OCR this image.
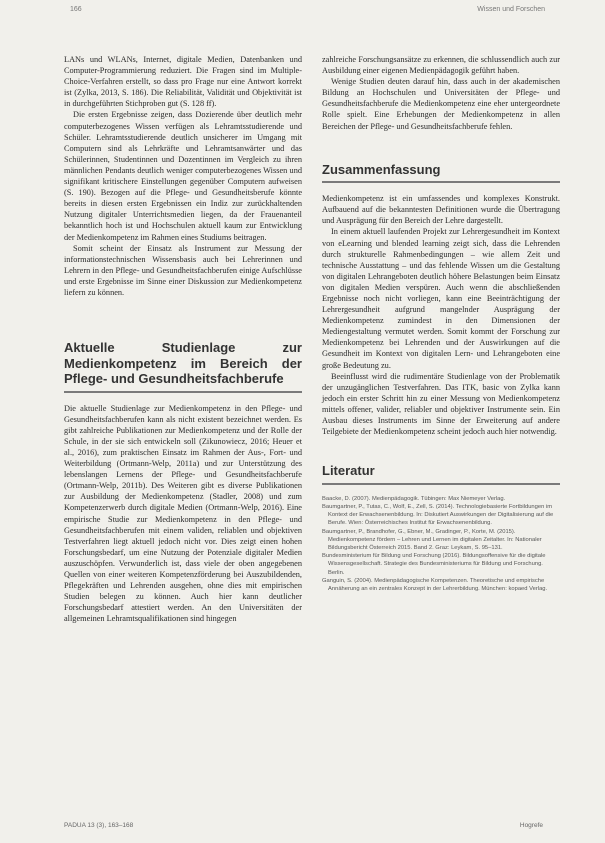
166	Wissen und Forschen

LANs und WLANs, Internet, digitale Medien, Datenbanken und Computer-Programmierung reduziert. Die Fragen sind im Multiple-Choice-Verfahren erstellt, so dass pro Frage nur eine Antwort korrekt ist (Zylka, 2013, S. 186). Die Reliabilität, Validität und Objektivität ist in durchgeführten Stichproben gut (S. 128 ff).

Die ersten Ergebnisse zeigen, dass Dozierende über deutlich mehr computerbezogenes Wissen verfügen als Lehramtsstudierende und Schüler. Lehramtsstudierende deutlich unsicherer im Umgang mit Computern sind als Lehrkräfte und Lehramtsanwärter und das Schülerinnen, Studentinnen und Dozentinnen im Vergleich zu ihren männlichen Pendants deutlich weniger computerbezogenes Wissen und signifikant kritischere Einstellungen gegenüber Computern aufweisen (S. 190). Bezogen auf die Pflege- und Gesundheitsberufe könnte bereits in diesen ersten Ergebnissen ein Indiz zur zurückhaltenden Nutzung digitaler Unterrichtsmedien liegen, da der Frauenanteil bekanntlich hoch ist und Hochschulen aktuell kaum zur Entwicklung der Medienkompetenz im Rahmen eines Studiums beitragen.

Somit scheint der Einsatz als Instrument zur Messung der informationstechnischen Wissensbasis auch bei Lehrerinnen und Lehrern in den Pflege- und Gesundheitsfachberufen einige Aufschlüsse und erste Ergebnisse im Sinne einer Diskussion zur Medienkompetenz liefern zu können.

Aktuelle Studienlage zur Medienkompetenz im Bereich der Pflege- und Gesundheitsfachberufe

Die aktuelle Studienlage zur Medienkompetenz in den Pflege- und Gesundheitsfachberufen kann als nicht existent bezeichnet werden. Es gibt zahlreiche Publikationen zur Medienkompetenz und der Rolle der Schule, in der sie sich entwickeln soll (Zikunowiecz, 2016; Heuer et al., 2016), zum praktischen Einsatz im Rahmen der Aus-, Fort- und Weiterbildung (Ortmann-Welp, 2011a) und zur Unterstützung des lebenslangen Lernens der Pflege- und Gesundheitsfachberufe (Ortmann-Welp, 2011b). Des Weiteren gibt es diverse Publikationen zur Ausbildung der Medienkompetenz (Stadler, 2008) und zum Kompetenzerwerb durch digitale Medien (Ortmann-Welp, 2016). Eine empirische Studie zur Medienkompetenz in den Pflege- und Gesundheitsfachberufen mit einem validen, reliablen und objektiven Testverfahren liegt aktuell jedoch nicht vor. Dies zeigt einen hohen Forschungsbedarf, um eine Nutzung der Potenziale digitaler Medien auszuschöpfen. Verwunderlich ist, dass viele der oben angegebenen Quellen von einer weiteren Kompetenzförderung bei Auszubildenden, Pflegekräften und Lehrenden ausgehen, ohne dies mit empirischen Studien belegen zu können. Auch hier kann deutlicher Forschungsbedarf attestiert werden. An den Universitäten der allgemeinen Lehramtsqualifikationen sind hingegen

zahlreiche Forschungsansätze zu erkennen, die schlussendlich auch zur Ausbildung einer eigenen Medienpädagogik geführt haben.

Wenige Studien deuten darauf hin, dass auch in der akademischen Bildung an Hochschulen und Universitäten der Pflege- und Gesundheitsfachberufe die Medienkompetenz eine eher untergeordnete Rolle spielt. Eine Erhebungen der Medienkompetenz in allen Bereichen der Pflege- und Gesundheitsfachberufe fehlen.

Zusammenfassung

Medienkompetenz ist ein umfassendes und komplexes Konstrukt. Aufbauend auf die bekanntesten Definitionen wurde die Übertragung und Ausprägung für den Bereich der Lehre dargestellt.

In einem aktuell laufenden Projekt zur Lehrergesundheit im Kontext von eLearning und blended learning zeigt sich, dass die Lehrenden durch strukturelle Rahmenbedingungen – wie allem Zeit und technische Ausstattung – und das fehlende Wissen um die Gestaltung von digitalen Lehrangeboten deutlich höhere Belastungen beim Einsatz von digitalen Medien verspüren. Auch wenn die abschließenden Ergebnisse noch nicht vorliegen, kann eine Beeinträchtigung der Lehrergesundheit aufgrund mangelnder Ausprägung der Medienkompetenz zumindest in den Dimensionen der Mediengestaltung vermutet werden. Somit kommt der Forschung zur Medienkompetenz bei Lehrenden und der Auswirkungen auf die Gesundheit im Kontext von digitalen Lern- und Lehrangeboten eine große Bedeutung zu.

Beeinflusst wird die rudimentäre Studienlage von der Problematik der unzugänglichen Testverfahren. Das ITK, basic von Zylka kann jedoch ein erster Schritt hin zu einer Messung von Medienkompetenz mittels offener, valider, reliabler und objektiver Instrumente sein. Ein Ausbau dieses Instruments im Sinne der Erweiterung auf andere Teilgebiete der Medienkompetenz scheint jedoch auch hier notwendig.

Literatur
Baacke, D. (2007). Medienpädagogik. Tübingen: Max Niemeyer Verlag.
Baumgartner, P., Tutas, C., Wolf, E., Zell, S. (2014). Technologiebasierte Fortbildungen im Kontext der Erwachsenenbildung. In: Diskutiert Auswirkungen der Digitalisierung auf die Berufe. Wien: Österreichisches Institut für Erwachsenenbildung.
Baumgartner, P., Brandhofer, G., Ebner, M., Gradinger, P., Korte, M. (2015). Medienkompetenz fördern – Lehren und Lernen im digitalen Zeitalter. In: Nationaler Bildungsbericht Österreich 2015. Band 2. Graz: Leykam, S. 95–131.
Bundesministerium für Bildung und Forschung (2016). Bildungsoffensive für die digitale Wissensgesellschaft. Strategie des Bundesministeriums für Bildung und Forschung. Berlin.
Ganguin, S. (2004). Medienpädagogische Kompetenzen. Theoretische und empirische Annäherung an ein zentrales Konzept in der Lehrerbildung. München: kopaed Verlag.
PADUA 13 (3), 163–168	Hogrefe
